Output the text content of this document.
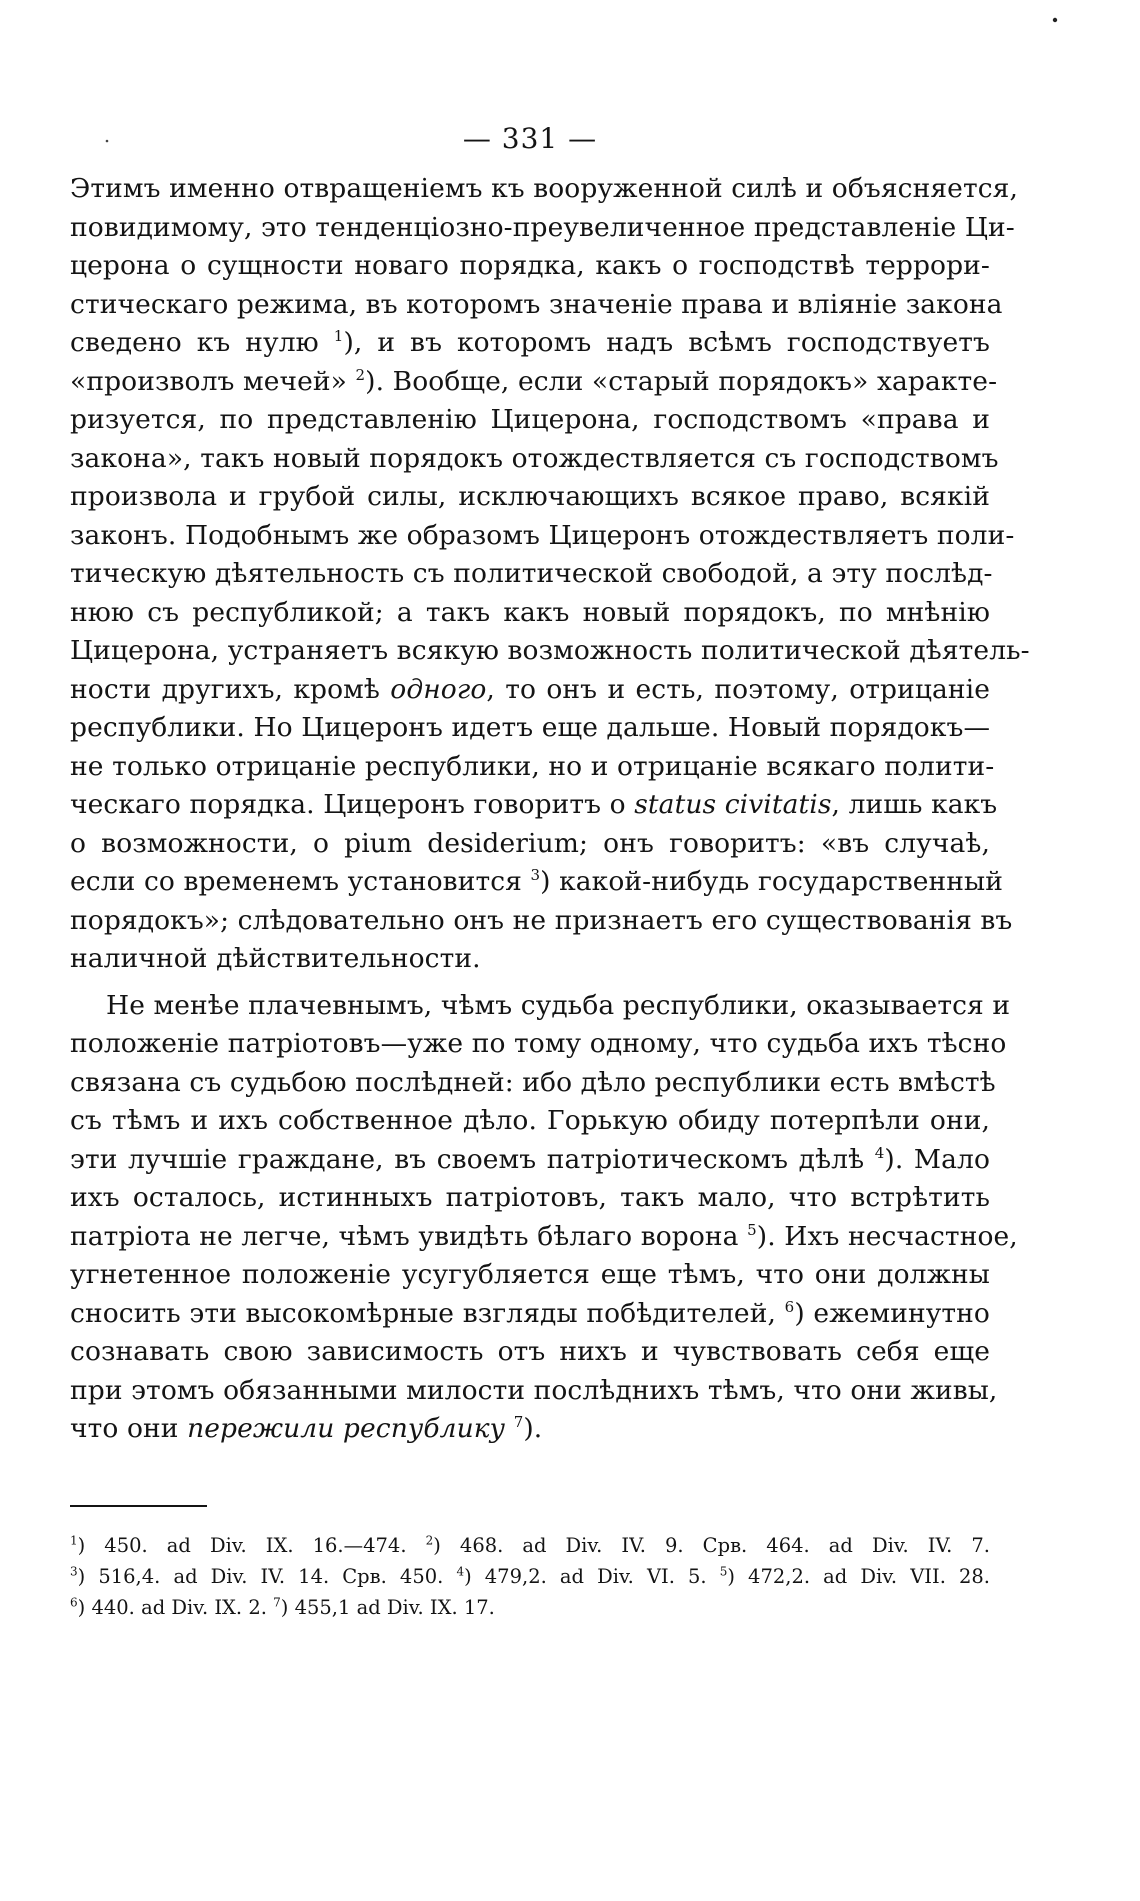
— 331 —
Этимъ именно отвращеніемъ къ вооруженной силѣ и объясняется,
повидимому, это тенденціозно-преувеличенное представленіе Ци-
церона о сущности новаго порядка, какъ о господствѣ террори-
стическаго режима, въ которомъ значеніе права и вліяніе закона
сведено къ нулю $^1$), и въ которомъ надъ всѣмъ господствуетъ
«произволъ мечей» $^2$). Вообще, если «старый порядокъ» характе-
ризуется, по представленію Цицерона, господствомъ «права и
закона», такъ новый порядокъ отождествляется съ господствомъ
произвола и грубой силы, исключающихъ всякое право, всякій
законъ. Подобнымъ же образомъ Цицеронъ отождествляетъ поли-
тическую дѣятельность съ политической свободой, а эту послѣд-
нюю съ республикой; а такъ какъ новый порядокъ, по мнѣнію
Цицерона, устраняетъ всякую возможность политической дѣятель-
ности другихъ, кромѣ одного, то онъ и есть, поэтому, отрицаніе
республики. Но Цицеронъ идетъ еще дальше. Новый порядокъ—
не только отрицаніе республики, но и отрицаніе всякаго полити-
ческаго порядка. Цицеронъ говоритъ о status civitatis, лишь какъ
о возможности, о pium desiderium; онъ говоритъ: «въ случаѣ,
если со временемъ установится $^3$) какой-нибудь государственный
порядокъ»; слѣдовательно онъ не признаетъ его существованія въ
наличной дѣйствительности.
Не менѣе плачевнымъ, чѣмъ судьба республики, оказывается и
положеніе патріотовъ—уже по тому одному, что судьба ихъ тѣсно
связана съ судьбою послѣдней: ибо дѣло республики есть вмѣстѣ
съ тѣмъ и ихъ собственное дѣло. Горькую обиду потерпѣли они,
эти лучшіе граждане, въ своемъ патріотическомъ дѣлѣ $^4$). Мало
ихъ осталось, истинныхъ патріотовъ, такъ мало, что встрѣтить
патріота не легче, чѣмъ увидѣть бѣлаго ворона $^5$). Ихъ несчастное,
угнетенное положеніе усугубляется еще тѣмъ, что они должны
сносить эти высокомѣрные взгляды побѣдителей, $^6$) ежеминутно
сознавать свою зависимость отъ нихъ и чувствовать себя еще
при этомъ обязанными милости послѣднихъ тѣмъ, что они живы,
что они пережили республику $^7$).
$^1$) 450. ad Div. IX. 16.—474. $^2$) 468. ad Div. IV. 9. Срв. 464. ad Div. IV. 7.
$^3$) 516,4. ad Div. IV. 14. Срв. 450. $^4$) 479,2. ad Div. VI. 5. $^5$) 472,2. ad Div. VII. 28.
$^6$) 440. ad Div. IX. 2. $^7$) 455,1 ad Div. IX. 17.
